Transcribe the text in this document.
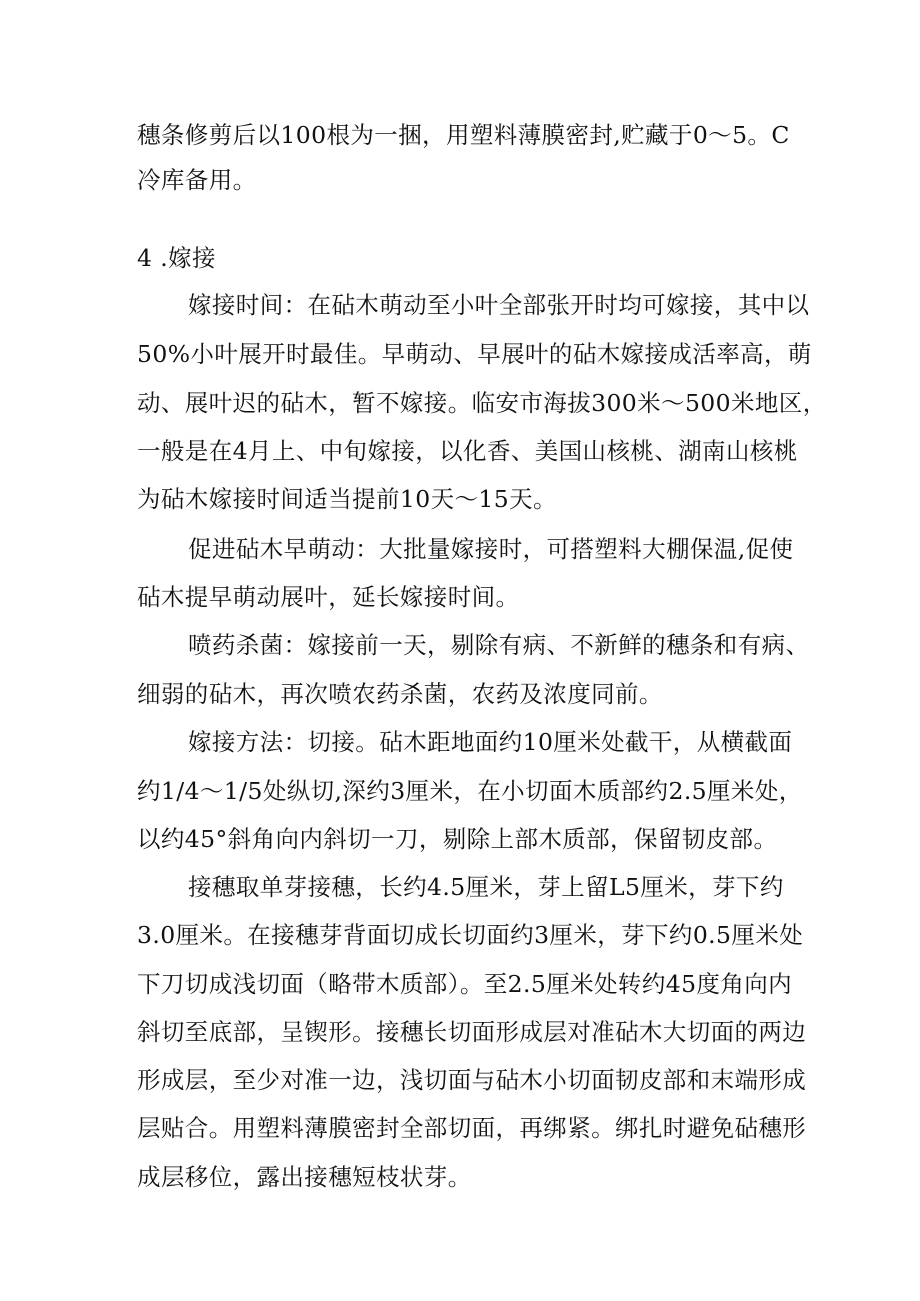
穗条修剪后以100根为一捆，用塑料薄膜密封,贮藏于0～5。C
冷库备用。
4 .嫁接
嫁接时间：在砧木萌动至小叶全部张开时均可嫁接，其中以
50%小叶展开时最佳。早萌动、早展叶的砧木嫁接成活率高，萌
动、展叶迟的砧木，暂不嫁接。临安市海拔300米～500米地区，
一般是在4月上、中旬嫁接，以化香、美国山核桃、湖南山核桃
为砧木嫁接时间适当提前10天～15天。
促进砧木早萌动：大批量嫁接时，可搭塑料大棚保温,促使
砧木提早萌动展叶，延长嫁接时间。
喷药杀菌：嫁接前一天，剔除有病、不新鲜的穗条和有病、
细弱的砧木，再次喷农药杀菌，农药及浓度同前。
嫁接方法：切接。砧木距地面约10厘米处截干，从横截面
约1/4～1/5处纵切,深约3厘米，在小切面木质部约2.5厘米处，
以约45°斜角向内斜切一刀，剔除上部木质部，保留韧皮部。
接穗取单芽接穗，长约4.5厘米，芽上留L5厘米，芽下约
3.0厘米。在接穗芽背面切成长切面约3厘米，芽下约0.5厘米处
下刀切成浅切面（略带木质部）。至2.5厘米处转约45度角向内
斜切至底部，呈锲形。接穗长切面形成层对准砧木大切面的两边
形成层，至少对准一边，浅切面与砧木小切面韧皮部和末端形成
层贴合。用塑料薄膜密封全部切面，再绑紧。绑扎时避免砧穗形
成层移位，露出接穗短枝状芽。
